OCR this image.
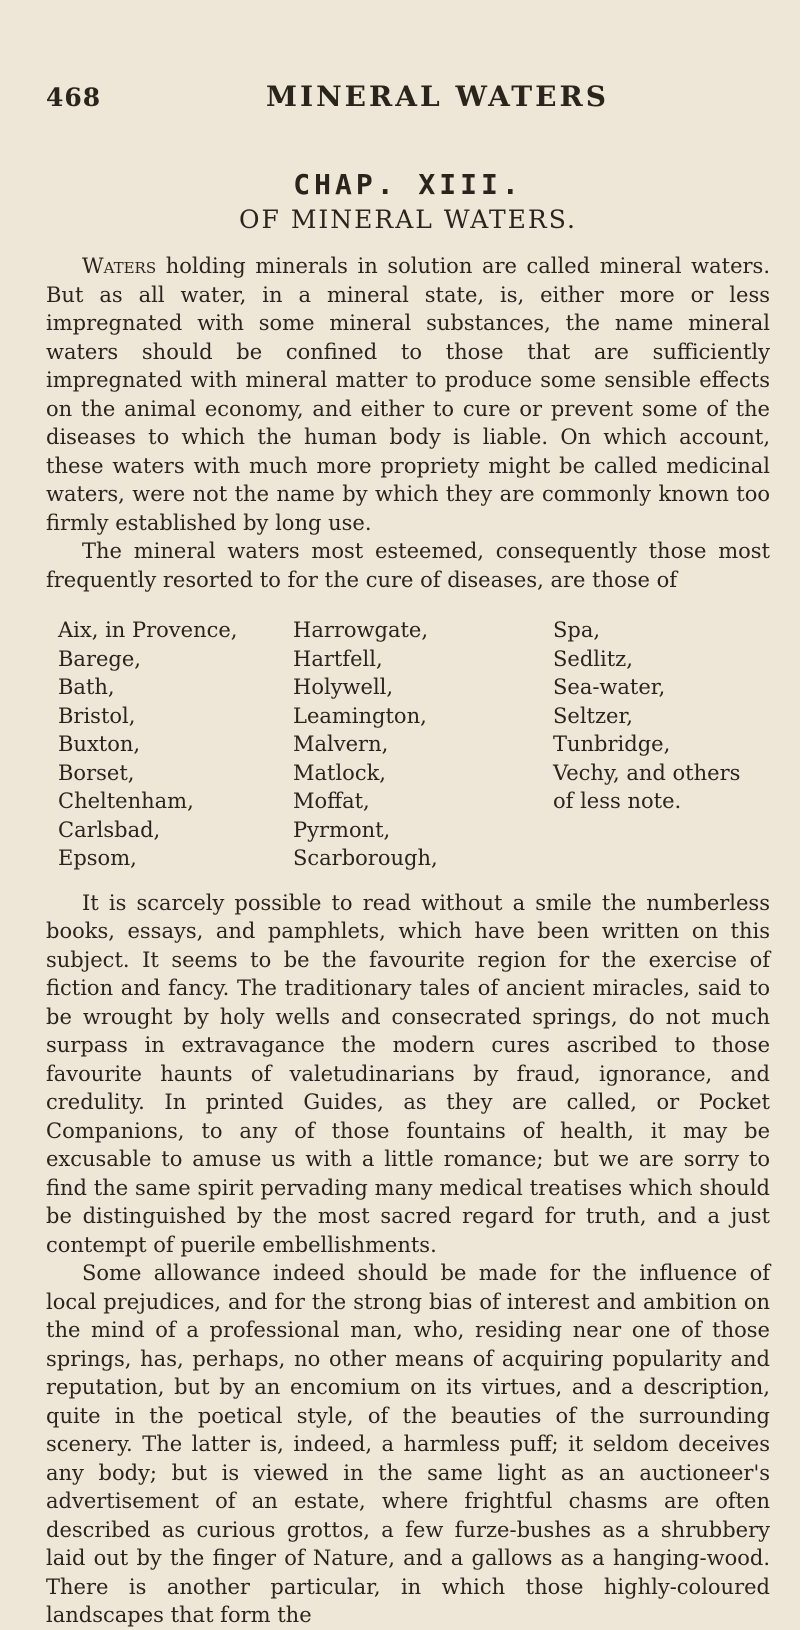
468	MINERAL WATERS
CHAP. XIII.
OF MINERAL WATERS.

Waters holding minerals in solution are called mineral waters. But as all water, in a mineral state, is, either more or less impregnated with some mineral substances, the name mineral waters should be confined to those that are sufficiently impregnated with mineral matter to produce some sensible effects on the animal economy, and either to cure or prevent some of the diseases to which the human body is liable. On which account, these waters with much more propriety might be called medicinal waters, were not the name by which they are commonly known too firmly established by long use.

The mineral waters most esteemed, consequently those most frequently resorted to for the cure of diseases, are those of

Aix, in Provence,
Barege,
Bath,
Bristol,
Buxton,
Borset,
Cheltenham,
Carlsbad,
Epsom,
Harrowgate,
Hartfell,
Holywell,
Leamington,
Malvern,
Matlock,
Moffat,
Pyrmont,
Scarborough,
Spa,
Sedlitz,
Sea-water,
Seltzer,
Tunbridge,
Vechy, and others
of less note.

It is scarcely possible to read without a smile the numberless books, essays, and pamphlets, which have been written on this subject. It seems to be the favourite region for the exercise of fiction and fancy. The traditionary tales of ancient miracles, said to be wrought by holy wells and consecrated springs, do not much surpass in extravagance the modern cures ascribed to those favourite haunts of valetudinarians by fraud, ignorance, and credulity. In printed Guides, as they are called, or Pocket Companions, to any of those fountains of health, it may be excusable to amuse us with a little romance; but we are sorry to find the same spirit pervading many medical treatises which should be distinguished by the most sacred regard for truth, and a just contempt of puerile embellishments.

Some allowance indeed should be made for the influence of local prejudices, and for the strong bias of interest and ambition on the mind of a professional man, who, residing near one of those springs, has, perhaps, no other means of acquiring popularity and reputation, but by an encomium on its virtues, and a description, quite in the poetical style, of the beauties of the surrounding scenery. The latter is, indeed, a harmless puff; it seldom deceives any body; but is viewed in the same light as an auctioneer's advertisement of an estate, where frightful chasms are often described as curious grottos, a few furze-bushes as a shrubbery laid out by the finger of Nature, and a gallows as a hanging-wood. There is another particular, in which those highly-coloured landscapes that form the
